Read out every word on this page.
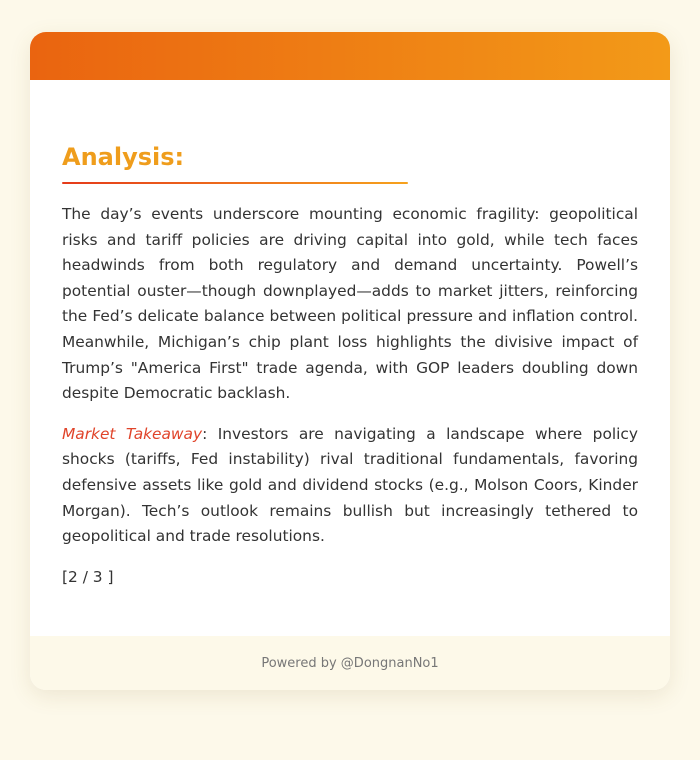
Analysis:

The day’s events underscore mounting economic fragility: geopolitical risks and tariff policies are driving capital into gold, while tech faces headwinds from both regulatory and demand uncertainty. Powell’s potential ouster—though downplayed—adds to market jitters, reinforcing the Fed’s delicate balance between political pressure and inflation control. Meanwhile, Michigan’s chip plant loss highlights the divisive impact of Trump’s "America First" trade agenda, with GOP leaders doubling down despite Democratic backlash.

Market Takeaway: Investors are navigating a landscape where policy shocks (tariffs, Fed instability) rival traditional fundamentals, favoring defensive assets like gold and dividend stocks (e.g., Molson Coors, Kinder Morgan). Tech’s outlook remains bullish but increasingly tethered to geopolitical and trade resolutions.

[2 / 3 ]
Powered by @DongnanNo1
